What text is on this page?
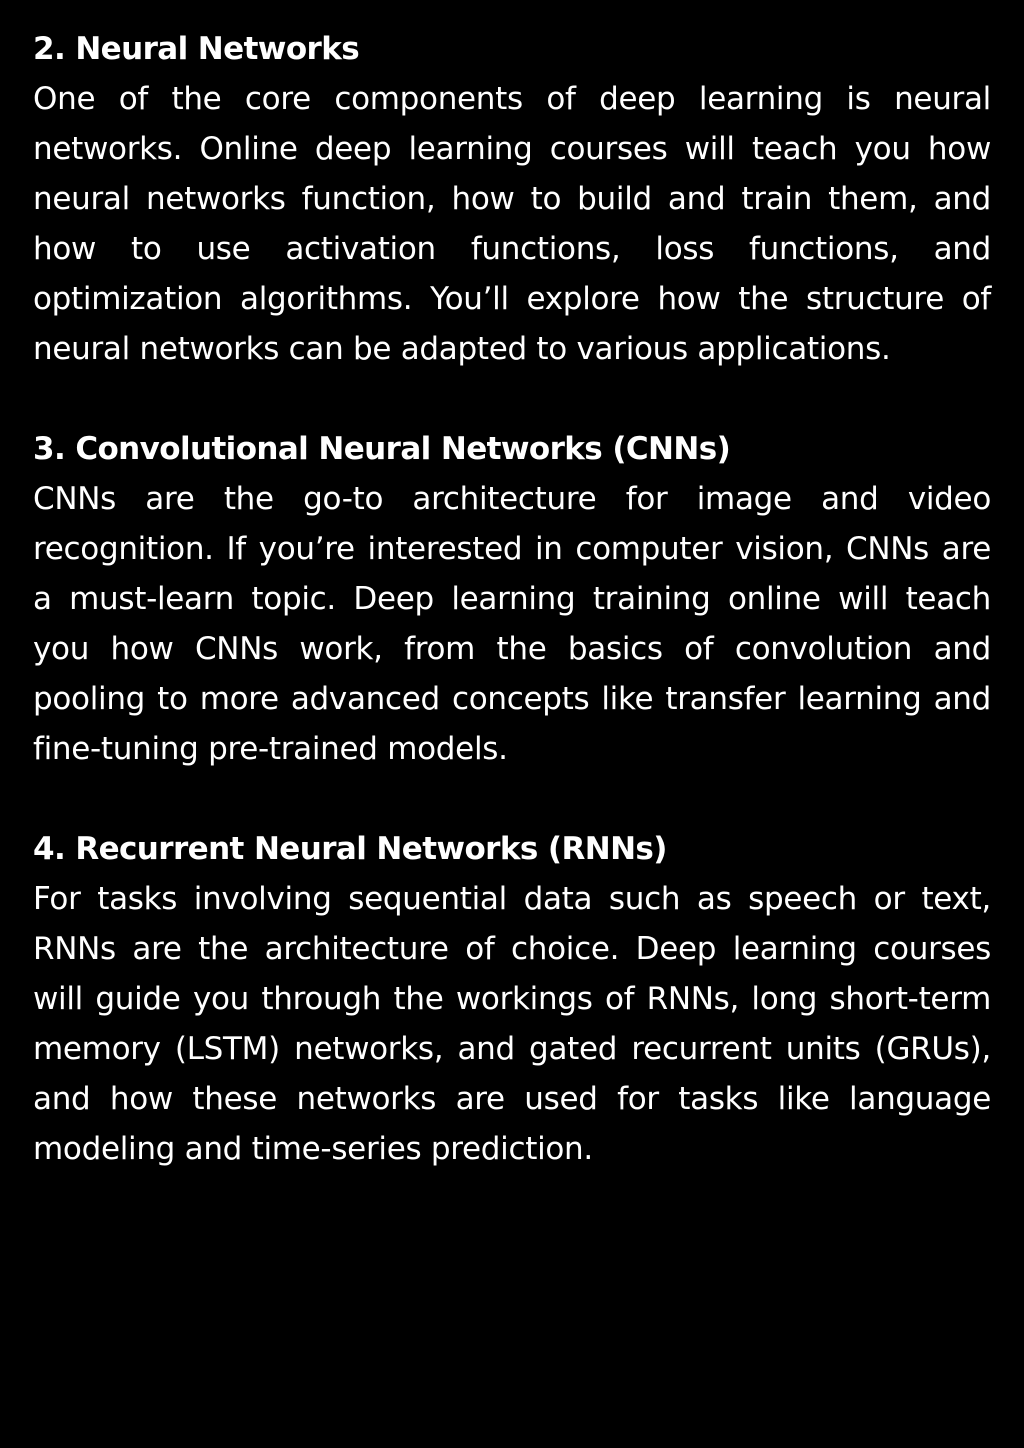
2. Neural Networks

One of the core components of deep learning is neural networks. Online deep learning courses will teach you how neural networks function, how to build and train them, and how to use activation functions, loss functions, and optimization algorithms. You’ll explore how the structure of neural networks can be adapted to various applications.

3. Convolutional Neural Networks (CNNs)

CNNs are the go-to architecture for image and video recognition. If you’re interested in computer vision, CNNs are a must-learn topic. Deep learning training online will teach you how CNNs work, from the basics of convolution and pooling to more advanced concepts like transfer learning and fine-tuning pre-trained models.

4. Recurrent Neural Networks (RNNs)

For tasks involving sequential data such as speech or text, RNNs are the architecture of choice. Deep learning courses will guide you through the workings of RNNs, long short-term memory (LSTM) networks, and gated recurrent units (GRUs), and how these networks are used for tasks like language modeling and time-series prediction.
